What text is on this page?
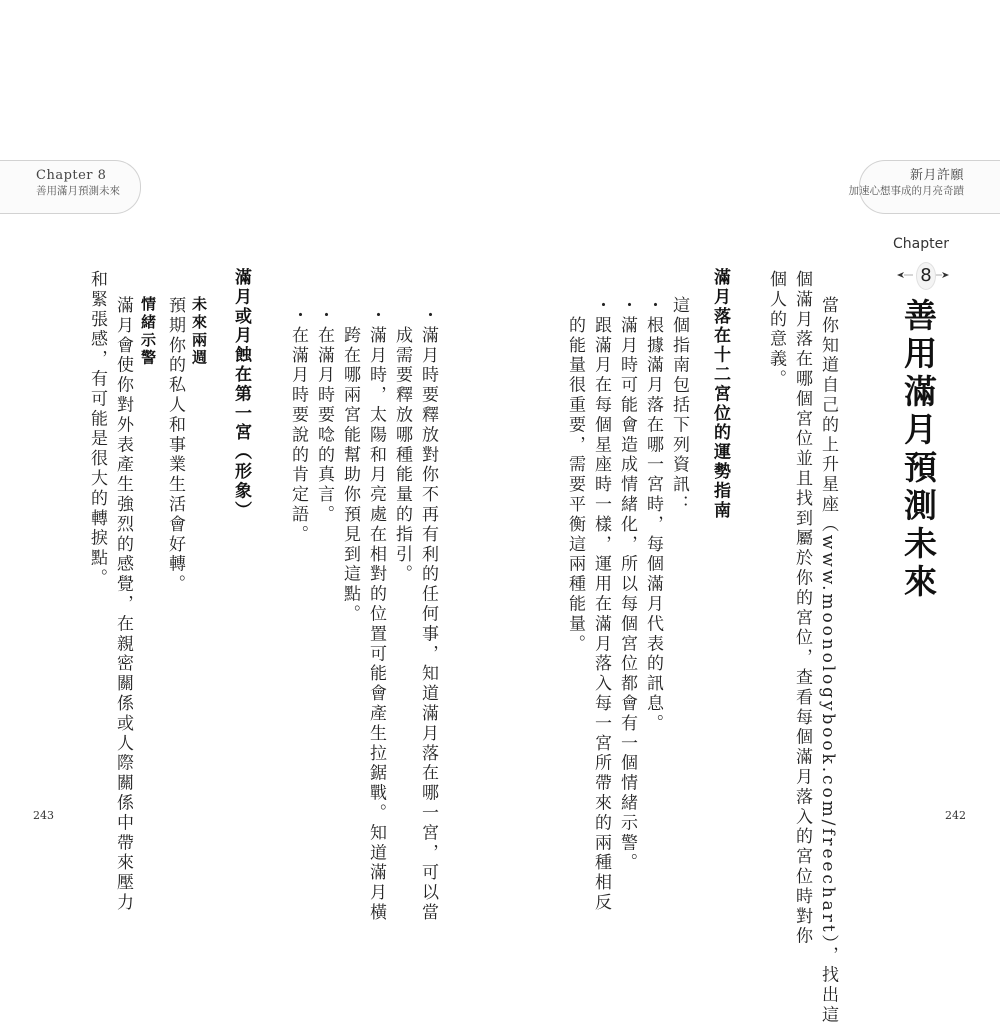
Chapter 8
善用滿月預測未來
滿月或月蝕在第一宮（形象）	・滿月時要釋放對你不再有利的任何事，知道滿月落在哪一宮，可以當
　成需要釋放哪種能量的指引。
・滿月時，太陽和月亮處在相對的位置可能會產生拉鋸戰。知道滿月橫
　跨在哪兩宮能幫助你預見到這點。
・在滿月時要唸的真言。
・在滿月時要說的肯定語。
未來兩週
預期你的私人和事業生活會好轉。
情緒示警
滿月會使你對外表產生強烈的感覺，在親密關係或人際關係中帶來壓力
和緊張感，有可能是很大的轉捩點。
243
新月許願
加速心想事成的月亮奇蹟
Chapter
8
善用滿月預測未來
當你知道自己的上升星座（www.moonologybook.com/freechart），找出這
個滿月落在哪個宮位並且找到屬於你的宮位，查看每個滿月落入的宮位時對你
個人的意義。
滿月落在十二宮位的運勢指南
這個指南包括下列資訊：
・根據滿月落在哪一宮時，每個滿月代表的訊息。
・滿月時可能會造成情緒化，所以每個宮位都會有一個情緒示警。
・跟滿月在每個星座時一樣，運用在滿月落入每一宮所帶來的兩種相反
　的能量很重要，需要平衡這兩種能量。
242
